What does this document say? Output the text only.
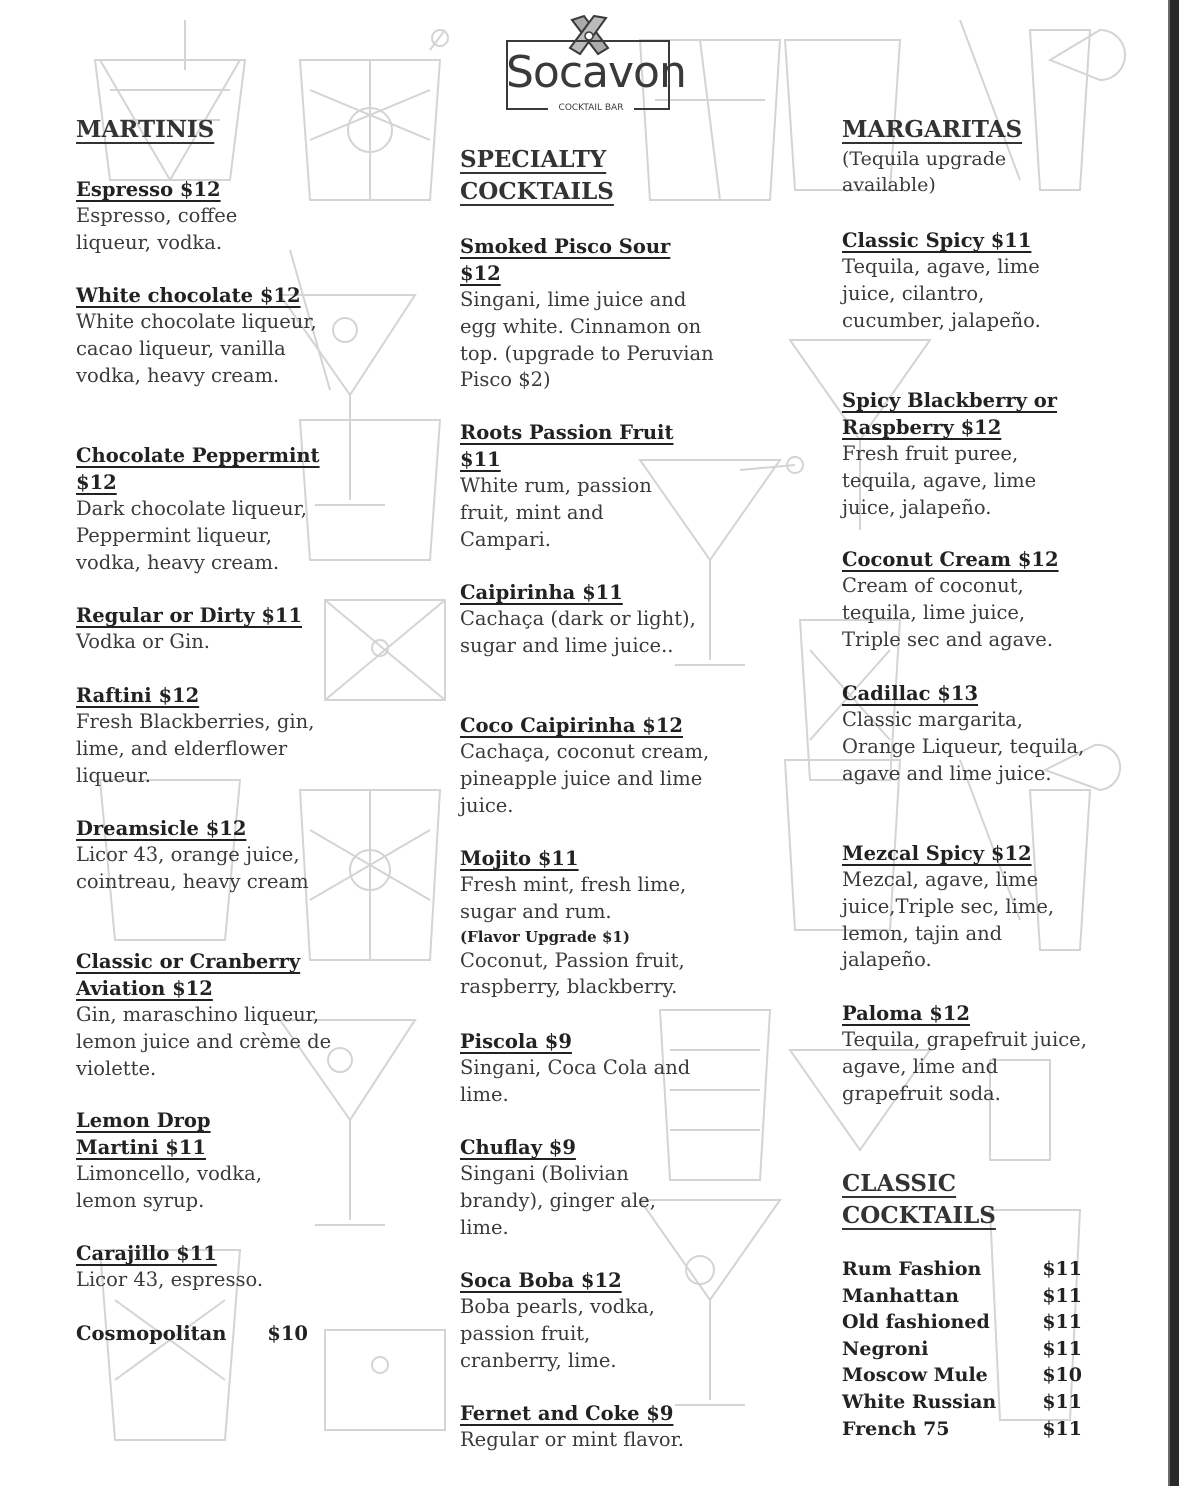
Socavon
COCKTAIL BAR
MARTINIS
Espresso $12
Espresso, coffee liqueur, vodka.
White chocolate $12
White chocolate liqueur, cacao liqueur, vanilla vodka, heavy cream.
Chocolate Peppermint $12
Dark chocolate liqueur, Peppermint liqueur, vodka, heavy cream.
Regular or Dirty $11
Vodka or Gin.
Raftini $12
Fresh Blackberries, gin, lime, and elderflower liqueur.
Dreamsicle $12
Licor 43, orange juice, cointreau, heavy cream
Classic or Cranberry Aviation $12
Gin, maraschino liqueur, lemon juice and crème de violette.
Lemon Drop Martini $11
Limoncello, vodka, lemon syrup.
Carajillo $11
Licor 43, espresso.
Cosmopolitan $10
SPECIALTY
COCKTAILS
Smoked Pisco Sour $12
Singani, lime juice and egg white. Cinnamon on top. (upgrade to Peruvian Pisco $2)
Roots Passion Fruit $11
White rum, passion fruit, mint and Campari.
Caipirinha $11
Cachaça (dark or light), sugar and lime juice..
Coco Caipirinha $12
Cachaça, coconut cream, pineapple juice and lime juice.
Mojito $11
Fresh mint, fresh lime, sugar and rum.
(Flavor Upgrade $1)
Coconut, Passion fruit, raspberry, blackberry.
Piscola $9
Singani, Coca Cola and lime.
Chuflay $9
Singani (Bolivian brandy), ginger ale, lime.
Soca Boba $12
Boba pearls, vodka, passion fruit, cranberry, lime.
Fernet and Coke $9
Regular or mint flavor.
MARGARITAS
(Tequila upgrade available)
Classic Spicy $11
Tequila, agave, lime juice, cilantro, cucumber, jalapeño.
Spicy Blackberry or Raspberry $12
Fresh fruit puree, tequila, agave, lime juice, jalapeño.
Coconut Cream $12
Cream of coconut, tequila, lime juice, Triple sec and agave.
Cadillac $13
Classic margarita, Orange Liqueur, tequila, agave and lime juice.
Mezcal Spicy $12
Mezcal, agave, lime juice,Triple sec, lime, lemon, tajin and jalapeño.
Paloma $12
Tequila, grapefruit juice, agave, lime and grapefruit soda.
CLASSIC
COCKTAILS
Rum Fashion	$11
Manhattan	$11
Old fashioned	$11
Negroni	$11
Moscow Mule	$10
White Russian $11
French 75	$11
